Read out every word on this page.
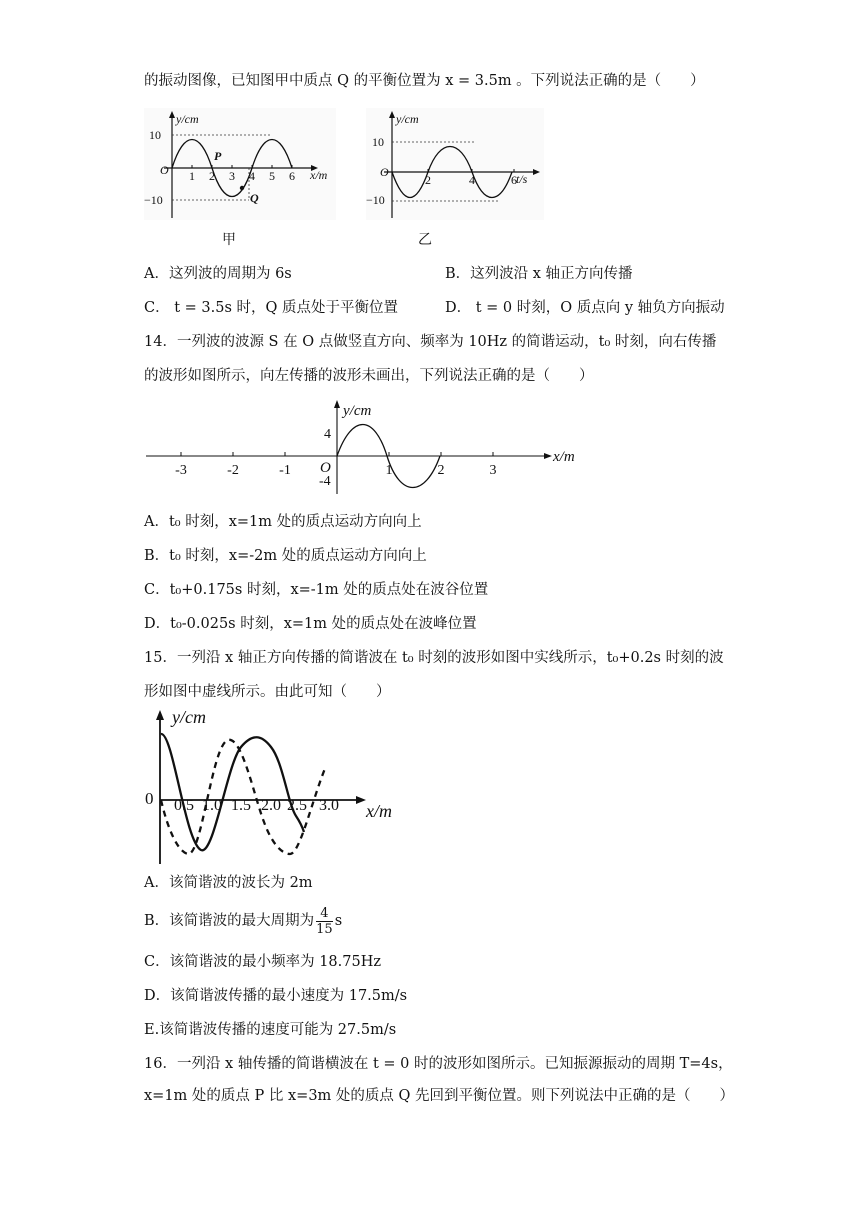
的振动图像，已知图甲中质点 Q 的平衡位置为 x = 3.5m 。下列说法正确的是（　　）
y/cm
x/m
O
10
−10
1 2 3 4 5 6
P
Q
甲
y/cm
t/s
O
10
−10
2	4	6
乙
A．这列波的周期为 6s	B．这列波沿 x 轴正方向传播
C． t = 3.5s 时，Q 质点处于平衡位置	D． t = 0 时刻，O 质点向 y 轴负方向振动
14．一列波的波源 S 在 O 点做竖直方向、频率为 10Hz 的简谐运动，t₀ 时刻，向右传播
的波形如图所示，向左传播的波形未画出，下列说法正确的是（　　）
y/cm
x/m
O
4
-4
-3	-2	-1	1	2	3
A．t₀ 时刻，x=1m 处的质点运动方向向上
B．t₀ 时刻，x=-2m 处的质点运动方向向上
C．t₀+0.175s 时刻，x=-1m 处的质点处在波谷位置
D．t₀-0.025s 时刻，x=1m 处的质点处在波峰位置
15．一列沿 x 轴正方向传播的简谐波在 t₀ 时刻的波形如图中实线所示，t₀+0.2s 时刻的波
形如图中虚线所示。由此可知（　　）
y/cm
x/m
0 0.5 1.0 1.5 2.0 2.5 3.0
A．该简谐波的波长为 2m
B．该简谐波的最大周期为 $\frac{4}{15}$ s
C．该简谐波的最小频率为 18.75Hz
D．该简谐波传播的最小速度为 17.5m/s
E.该简谐波传播的速度可能为 27.5m/s
16．一列沿 x 轴传播的简谐横波在 t = 0 时的波形如图所示。已知振源振动的周期 T=4s，
x=1m 处的质点 P 比 x=3m 处的质点 Q 先回到平衡位置。则下列说法中正确的是（　　）
